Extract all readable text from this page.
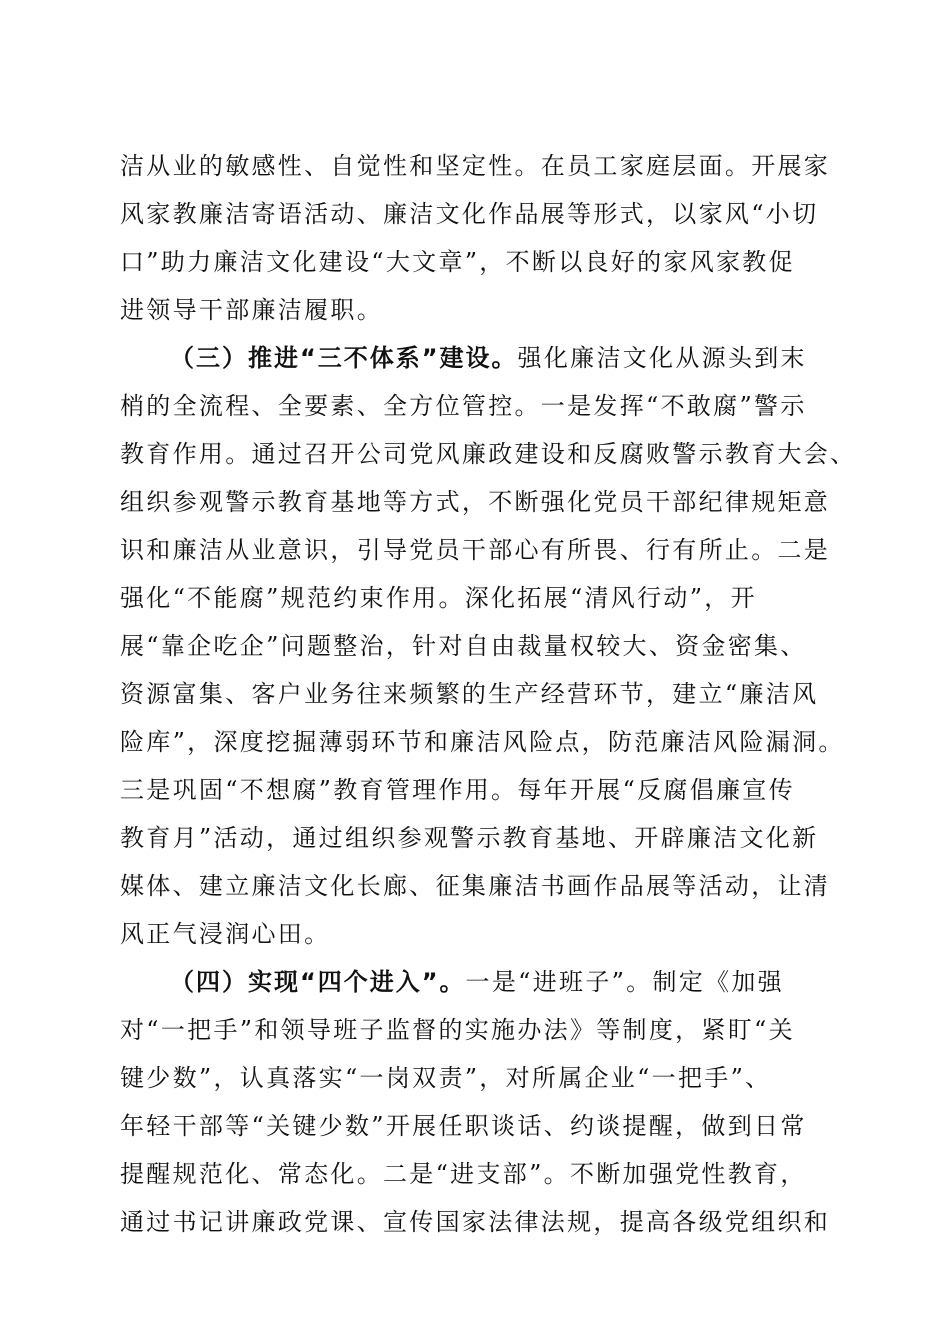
洁从业的敏感性、自觉性和坚定性。在员工家庭层面。开展家
风家教廉洁寄语活动、廉洁文化作品展等形式，以家风“小切
口”助力廉洁文化建设“大文章”，不断以良好的家风家教促
进领导干部廉洁履职。
（三）推进“三不体系”建设。强化廉洁文化从源头到末
梢的全流程、全要素、全方位管控。一是发挥“不敢腐”警示
教育作用。通过召开公司党风廉政建设和反腐败警示教育大会、
组织参观警示教育基地等方式，不断强化党员干部纪律规矩意
识和廉洁从业意识，引导党员干部心有所畏、行有所止。二是
强化“不能腐”规范约束作用。深化拓展“清风行动”，开
展“靠企吃企”问题整治，针对自由裁量权较大、资金密集、
资源富集、客户业务往来频繁的生产经营环节，建立“廉洁风
险库”，深度挖掘薄弱环节和廉洁风险点，防范廉洁风险漏洞。
三是巩固“不想腐”教育管理作用。每年开展“反腐倡廉宣传
教育月”活动，通过组织参观警示教育基地、开辟廉洁文化新
媒体、建立廉洁文化长廊、征集廉洁书画作品展等活动，让清
风正气浸润心田。
（四）实现“四个进入”。一是“进班子”。制定《加强
对“一把手”和领导班子监督的实施办法》等制度，紧盯“关
键少数”，认真落实“一岗双责”，对所属企业“一把手”、
年轻干部等“关键少数”开展任职谈话、约谈提醒，做到日常
提醒规范化、常态化。二是“进支部”。不断加强党性教育，
通过书记讲廉政党课、宣传国家法律法规，提高各级党组织和
